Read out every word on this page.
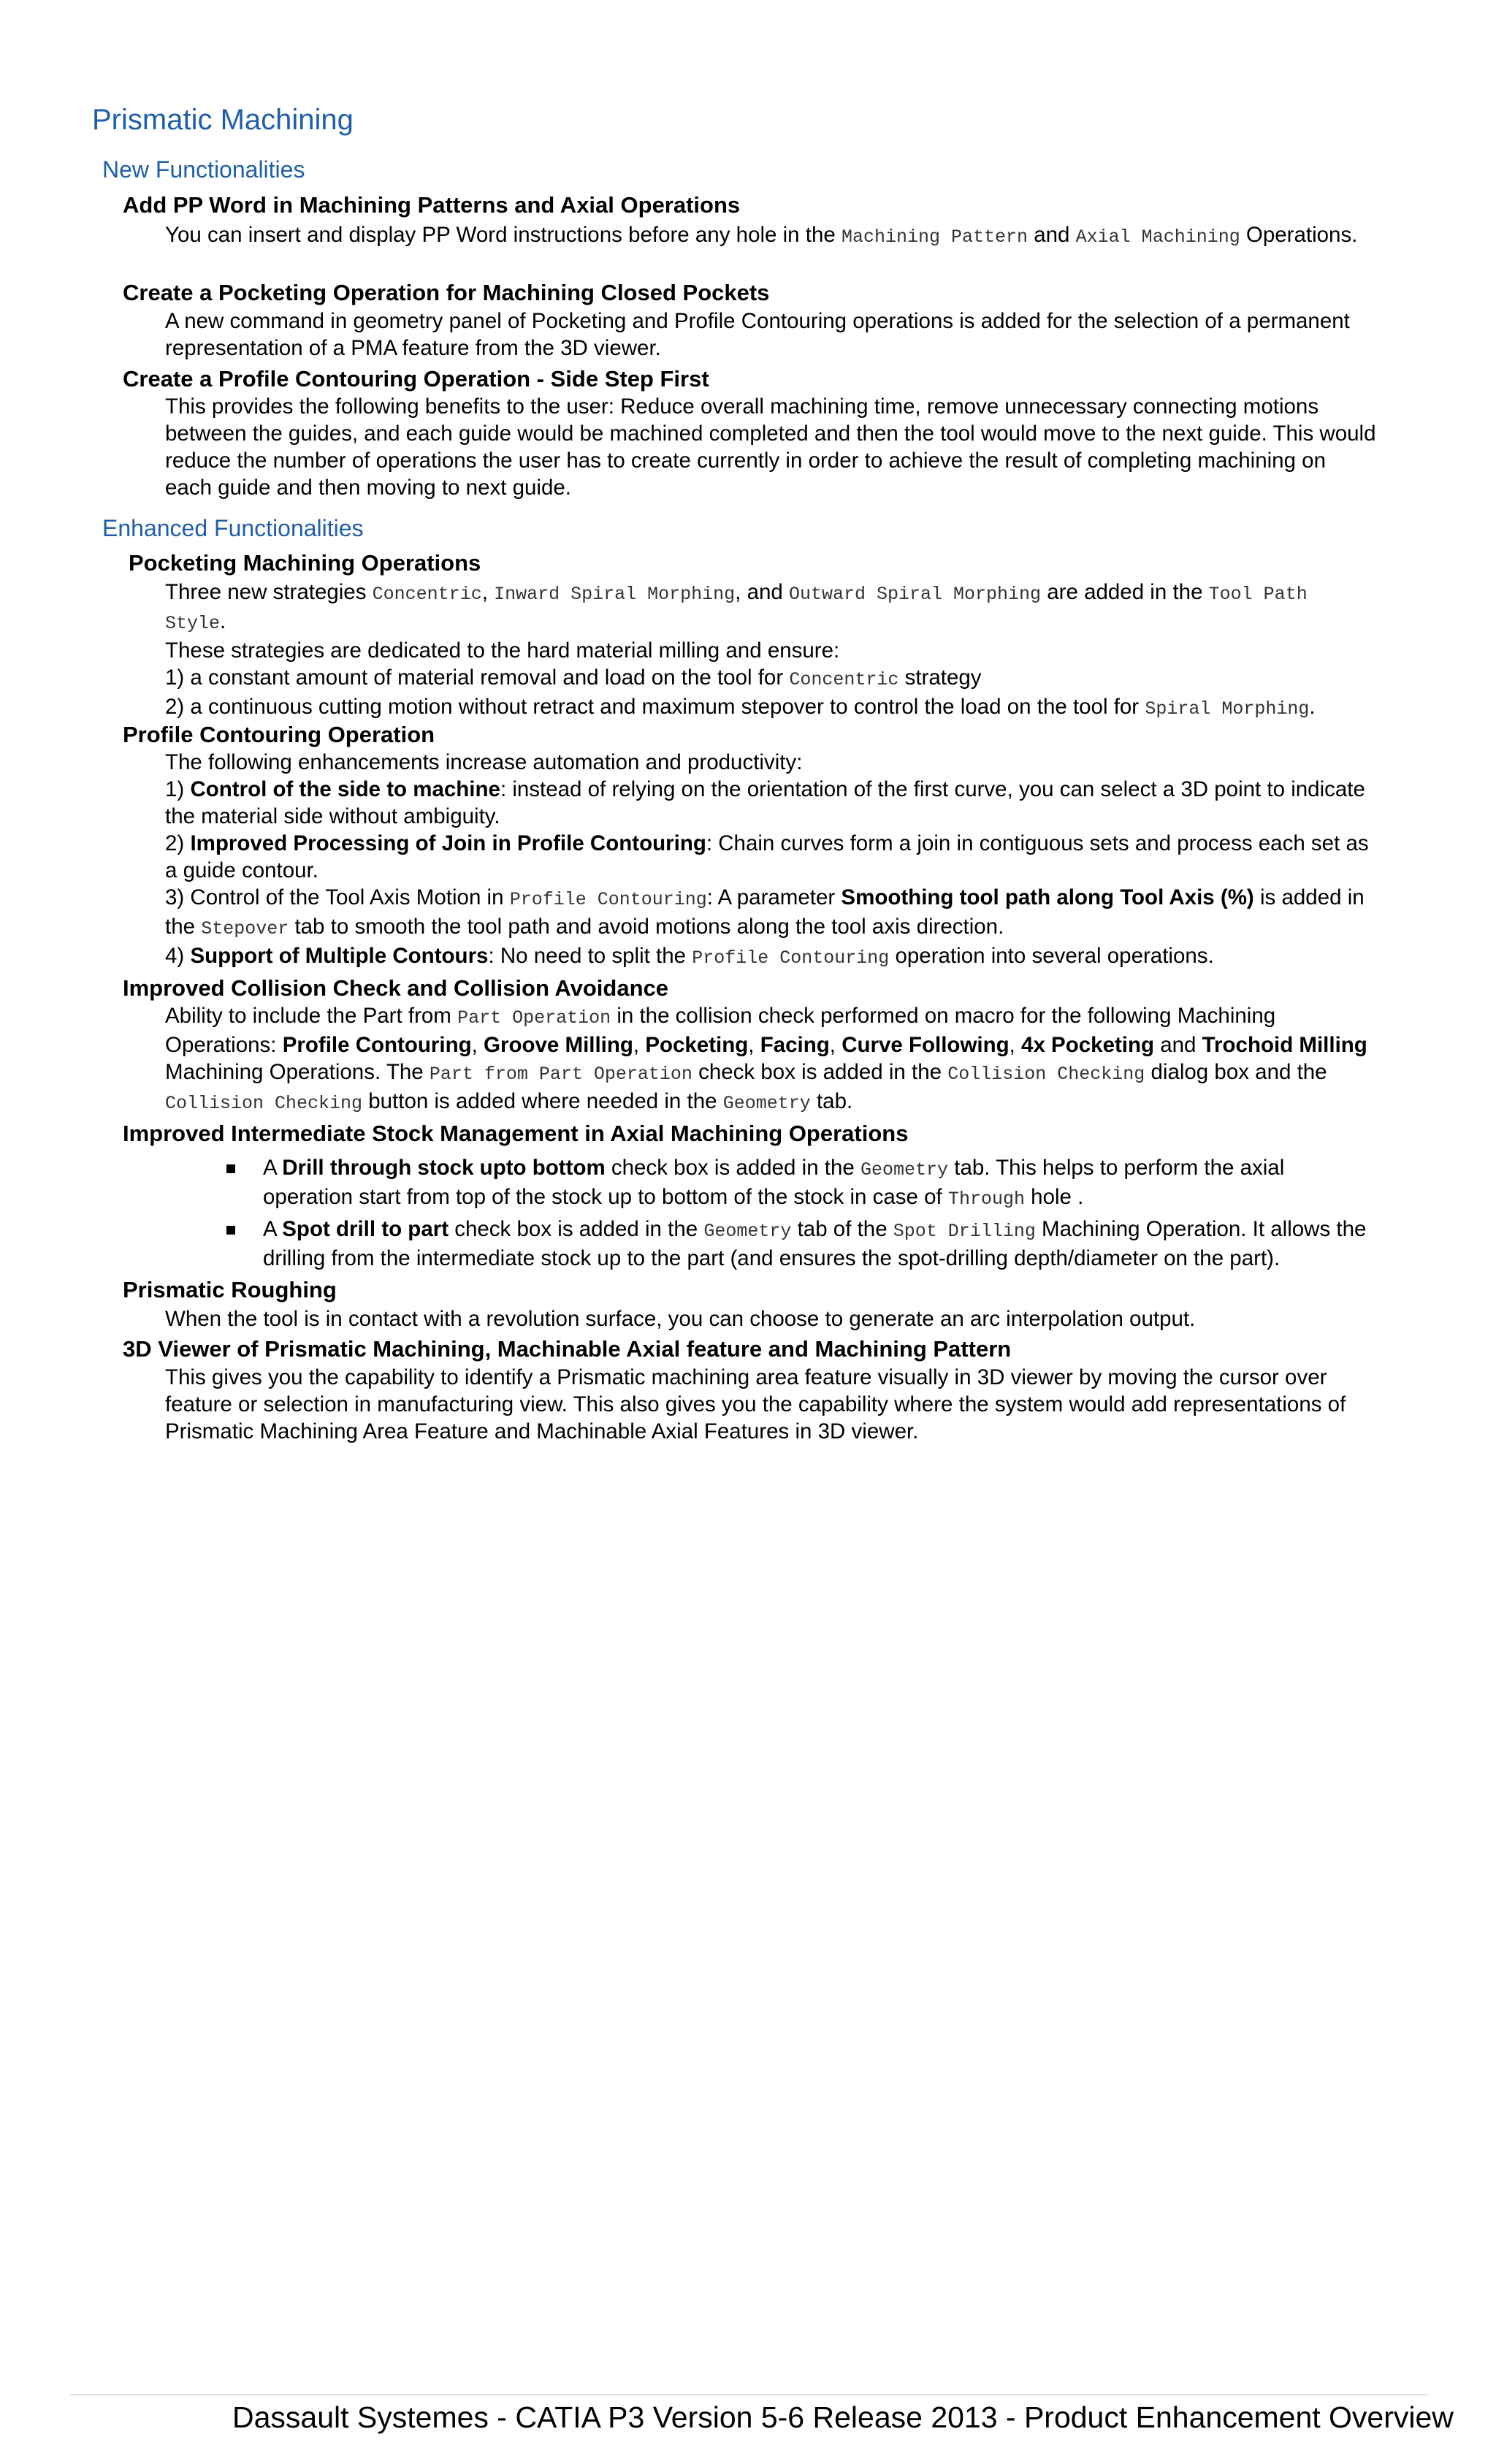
Prismatic Machining
New Functionalities
Add PP Word in Machining Patterns and Axial Operations

You can insert and display PP Word instructions before any hole in the Machining Pattern and Axial Machining Operations.

Create a Pocketing Operation for Machining Closed Pockets
A new command in geometry panel of Pocketing and Profile Contouring operations is added for the selection of a permanent representation of a PMA feature from the 3D viewer.
Create a Profile Contouring Operation - Side Step First
This provides the following benefits to the user: Reduce overall machining time, remove unnecessary connecting motions between the guides, and each guide would be machined completed and then the tool would move to the next guide. This would reduce the number of operations the user has to create currently in order to achieve the result of completing machining on each guide and then moving to next guide.
Enhanced Functionalities
Pocketing Machining Operations

Three new strategies Concentric, Inward Spiral Morphing, and Outward Spiral Morphing are added in the Tool Path Style.

These strategies are dedicated to the hard material milling and ensure:

1) a constant amount of material removal and load on the tool for Concentric strategy

2) a continuous cutting motion without retract and maximum stepover to control the load on the tool for Spiral Morphing.

Profile Contouring Operation

The following enhancements increase automation and productivity:

1) Control of the side to machine: instead of relying on the orientation of the first curve, you can select a 3D point to indicate the material side without ambiguity.

2) Improved Processing of Join in Profile Contouring: Chain curves form a join in contiguous sets and process each set as a guide contour.

3) Control of the Tool Axis Motion in Profile Contouring: A parameter Smoothing tool path along Tool Axis (%) is added in the Stepover tab to smooth the tool path and avoid motions along the tool axis direction.

4) Support of Multiple Contours: No need to split the Profile Contouring operation into several operations.

Improved Collision Check and Collision Avoidance

Ability to include the Part from Part Operation in the collision check performed on macro for the following Machining Operations: Profile Contouring, Groove Milling, Pocketing, Facing, Curve Following, 4x Pocketing and Trochoid Milling Machining Operations. The Part from Part Operation check box is added in the Collision Checking dialog box and the Collision Checking button is added where needed in the Geometry tab.

Improved Intermediate Stock Management in Axial Machining Operations
A Drill through stock upto bottom check box is added in the Geometry tab. This helps to perform the axial operation start from top of the stock up to bottom of the stock in case of Through hole .
A Spot drill to part check box is added in the Geometry tab of the Spot Drilling Machining Operation. It allows the drilling from the intermediate stock up to the part (and ensures the spot-drilling depth/diameter on the part).
Prismatic Roughing
When the tool is in contact with a revolution surface, you can choose to generate an arc interpolation output.
3D Viewer of Prismatic Machining, Machinable Axial feature and Machining Pattern
This gives you the capability to identify a Prismatic machining area feature visually in 3D viewer by moving the cursor over feature or selection in manufacturing view. This also gives you the capability where the system would add representations of Prismatic Machining Area Feature and Machinable Axial Features in 3D viewer.
Dassault Systemes - CATIA P3 Version 5-6 Release 2013 - Product Enhancement Overview
